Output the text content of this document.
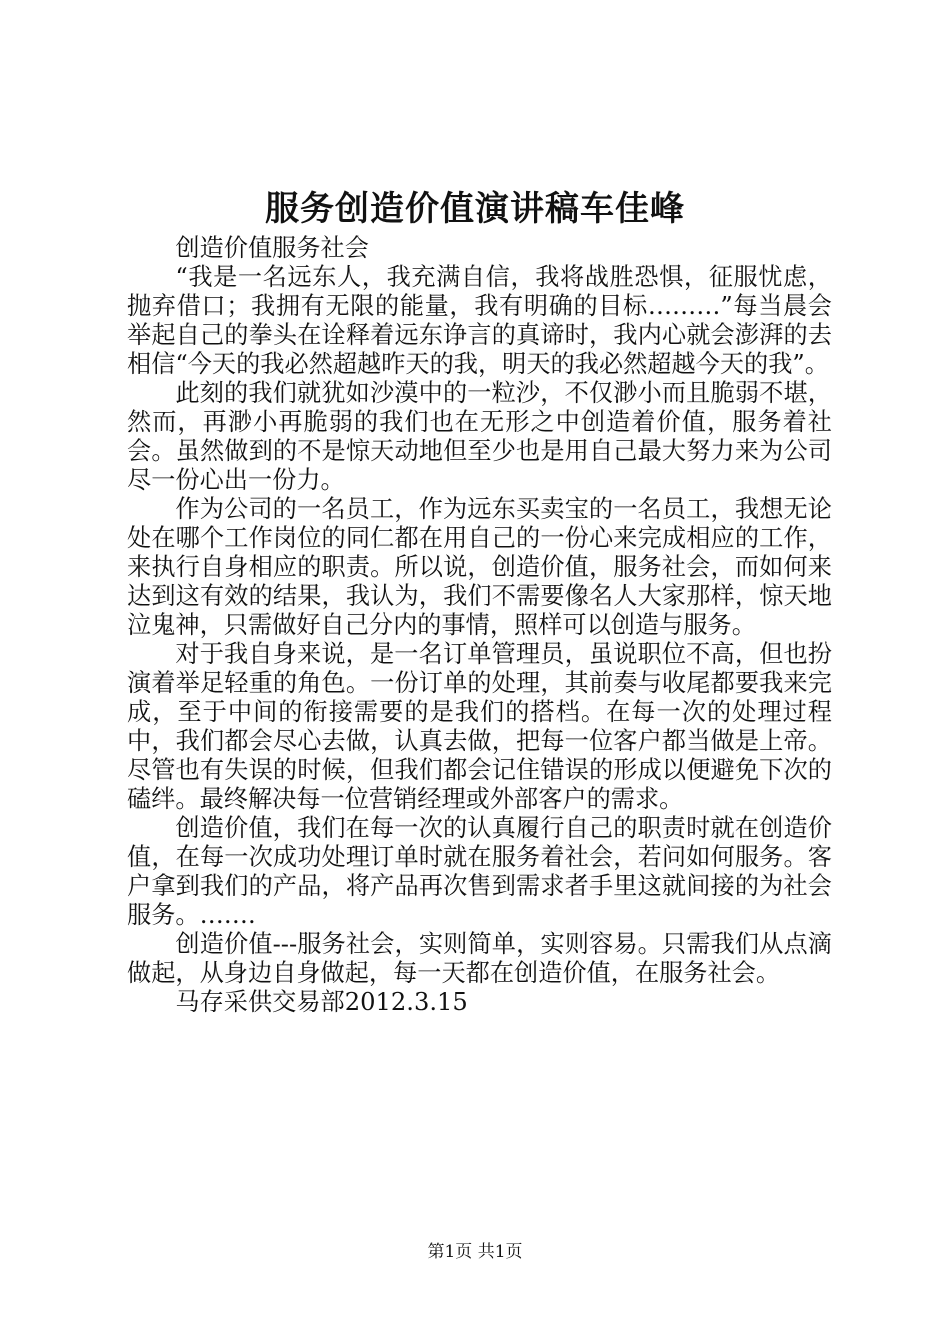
服务创造价值演讲稿车佳峰

创造价值服务社会

“我是一名远东人，我充满自信，我将战胜恐惧，征服忧虑，抛弃借口；我拥有无限的能量，我有明确的目标………”每当晨会举起自己的拳头在诠释着远东诤言的真谛时，我内心就会澎湃的去相信“今天的我必然超越昨天的我，明天的我必然超越今天的我”。

此刻的我们就犹如沙漠中的一粒沙，不仅渺小而且脆弱不堪，然而，再渺小再脆弱的我们也在无形之中创造着价值，服务着社会。虽然做到的不是惊天动地但至少也是用自己最大努力来为公司尽一份心出一份力。

作为公司的一名员工，作为远东买卖宝的一名员工，我想无论处在哪个工作岗位的同仁都在用自己的一份心来完成相应的工作，来执行自身相应的职责。所以说，创造价值，服务社会，而如何来达到这有效的结果，我认为，我们不需要像名人大家那样，惊天地泣鬼神，只需做好自己分内的事情，照样可以创造与服务。

对于我自身来说，是一名订单管理员，虽说职位不高，但也扮演着举足轻重的角色。一份订单的处理，其前奏与收尾都要我来完成，至于中间的衔接需要的是我们的搭档。在每一次的处理过程中，我们都会尽心去做，认真去做，把每一位客户都当做是上帝。尽管也有失误的时候，但我们都会记住错误的形成以便避免下次的磕绊。最终解决每一位营销经理或外部客户的需求。

创造价值，我们在每一次的认真履行自己的职责时就在创造价值，在每一次成功处理订单时就在服务着社会，若问如何服务。客户拿到我们的产品，将产品再次售到需求者手里这就间接的为社会服务。…….

创造价值---服务社会，实则简单，实则容易。只需我们从点滴做起，从身边自身做起，每一天都在创造价值，在服务社会。

马存采供交易部2012.3.15

第1页 共1页
